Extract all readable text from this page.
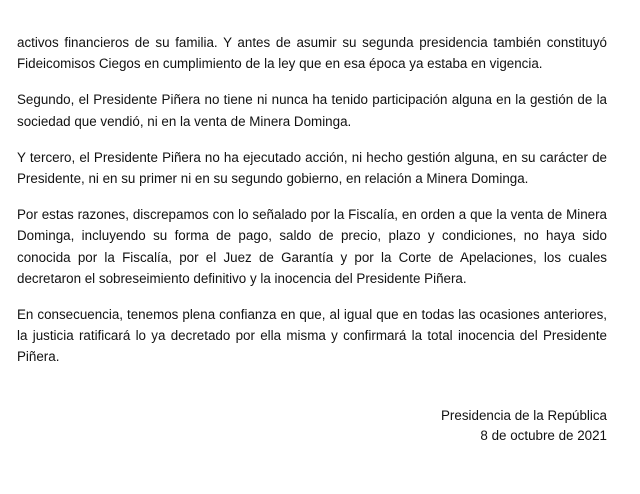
activos financieros de su familia. Y antes de asumir su segunda presidencia también constituyó Fideicomisos Ciegos en cumplimiento de la ley que en esa época ya estaba en vigencia.

Segundo, el Presidente Piñera no tiene ni nunca ha tenido participación alguna en la gestión de la sociedad que vendió, ni en la venta de Minera Dominga.

Y tercero, el Presidente Piñera no ha ejecutado acción, ni hecho gestión alguna, en su carácter de Presidente, ni en su primer ni en su segundo gobierno, en relación a Minera Dominga.

Por estas razones, discrepamos con lo señalado por la Fiscalía, en orden a que la venta de Minera Dominga, incluyendo su forma de pago, saldo de precio, plazo y condiciones, no haya sido conocida por la Fiscalía, por el Juez de Garantía y por la Corte de Apelaciones, los cuales decretaron el sobreseimiento definitivo y la inocencia del Presidente Piñera.

En consecuencia, tenemos plena confianza en que, al igual que en todas las ocasiones anteriores, la justicia ratificará lo ya decretado por ella misma y confirmará la total inocencia del Presidente Piñera.

Presidencia de la República
8 de octubre de 2021
